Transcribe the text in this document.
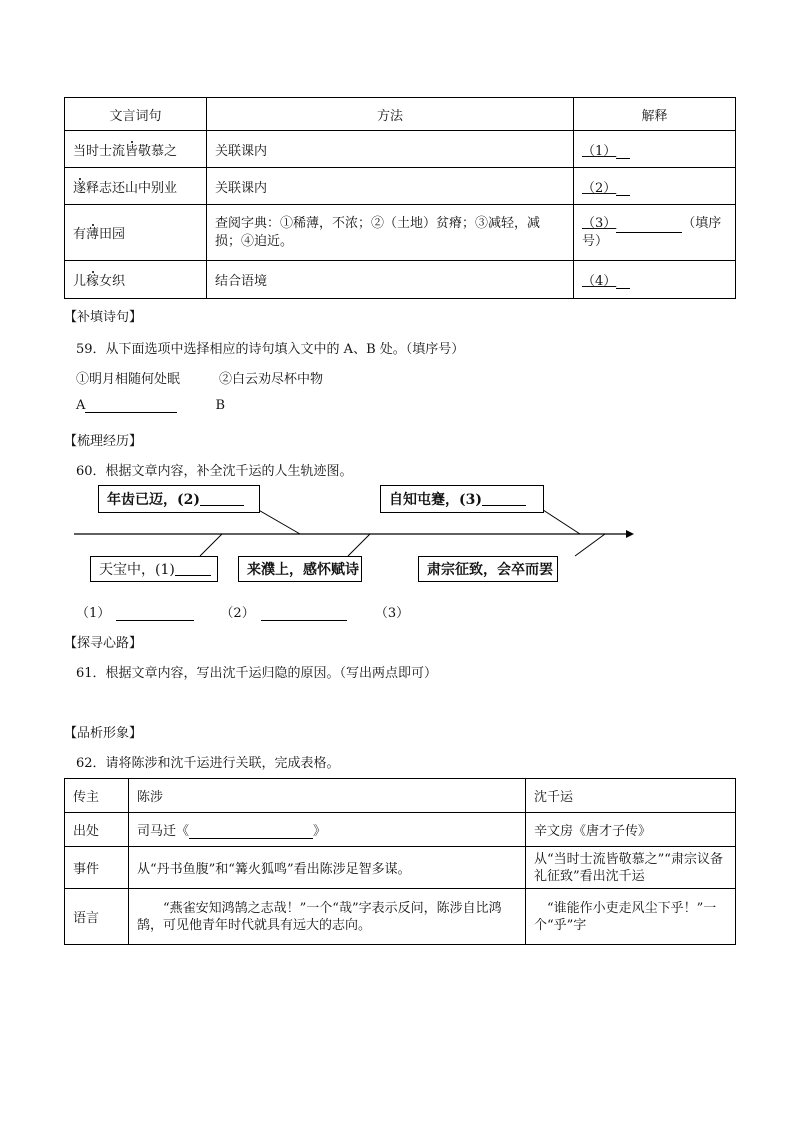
文言词句	方法	解释
当时士流皆敬慕之	关联课内	（1）
遂释志还山中别业	关联课内	（2）
有薄田园	查阅字典：①稀薄，不浓；②（土地）贫瘠；③减轻，减损；④迫近。	（3） （填序号）
儿稼女织	结合语境	（4）
【补填诗句】
59．从下面选项中选择相应的诗句填入文中的 A、B 处。（填序号）
①明月相随何处眠　　　②白云劝尽杯中物
A	B
【梳理经历】
60．根据文章内容，补全沈千运的人生轨迹图。
年齿已迈，(2)	自知屯蹇，(3)
天宝中，(1)	来濮上，感怀赋诗	肃宗征致，会卒而罢
（1）	（2）	（3）
【探寻心路】
61．根据文章内容，写出沈千运归隐的原因。（写出两点即可）
【品析形象】
62．请将陈涉和沈千运进行关联，完成表格。
传主	陈涉	沈千运
出处	司马迁《 》	辛文房《唐才子传》
事件	从“丹书鱼腹”和“篝火狐鸣”看出陈涉足智多谋。	从“当时士流皆敬慕之”“肃宗议备礼征致”看出沈千运
语言	“燕雀安知鸿鹄之志哉！”一个“哉”字表示反问，陈涉自比鸿鹄，可见他青年时代就具有远大的志向。	“谁能作小吏走风尘下乎！”一个“乎”字
